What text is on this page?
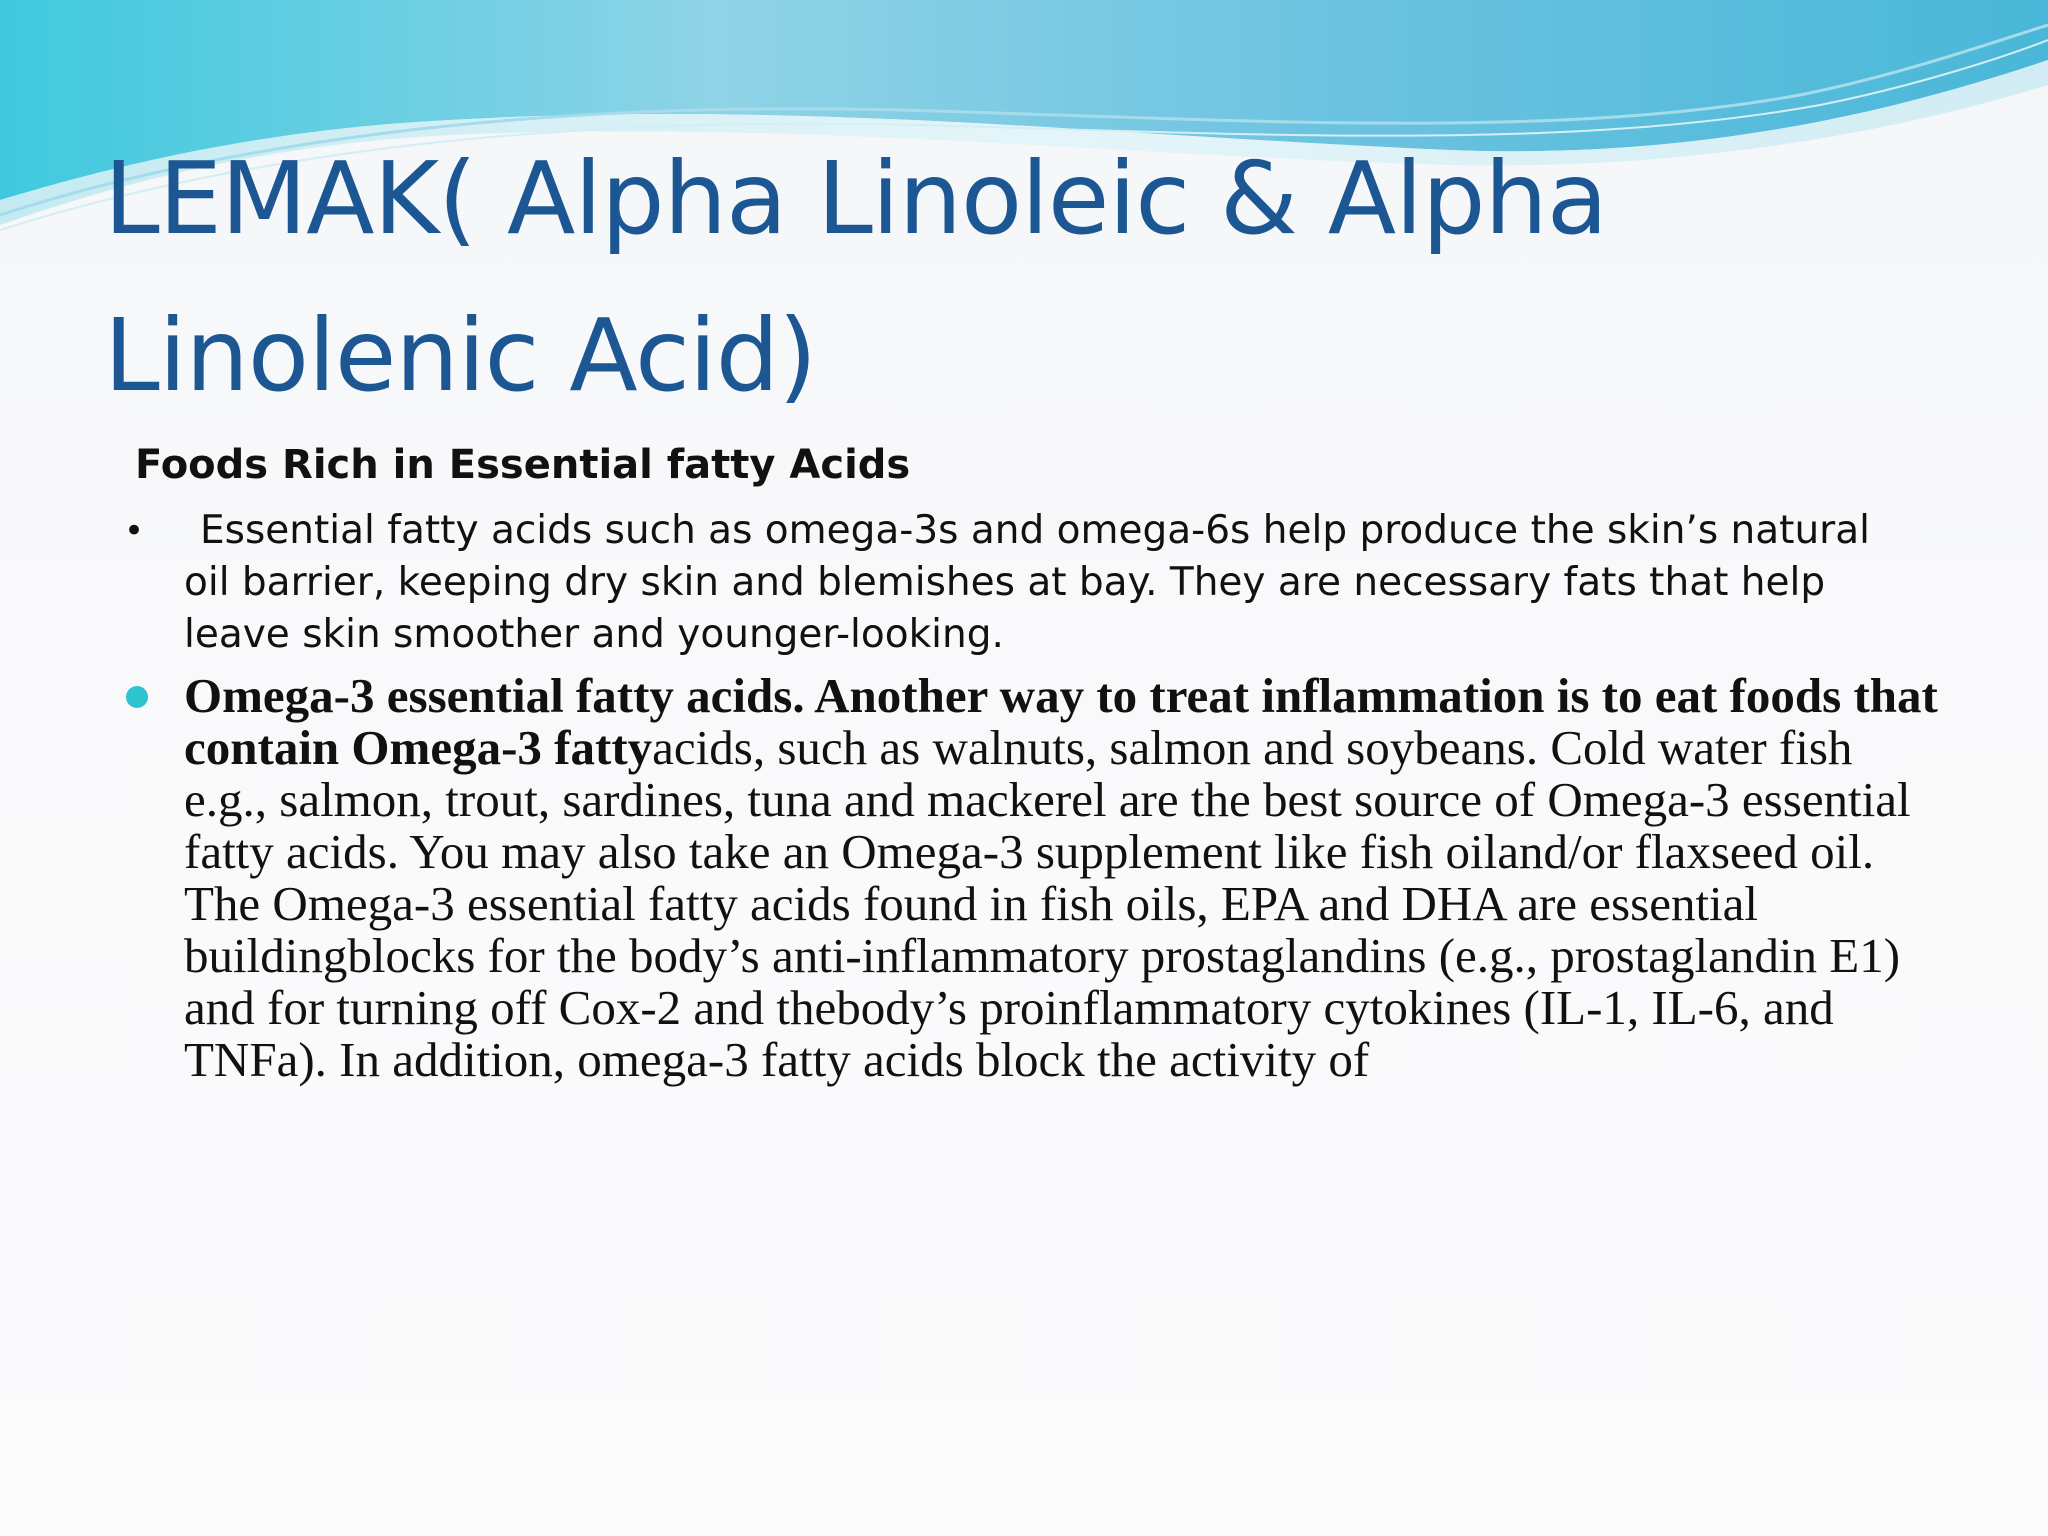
LEMAK( Alpha Linoleic & Alpha Linolenic Acid)
Foods Rich in Essential fatty Acids
•	Essential fatty acids such as omega-3s and omega-6s help produce the skin’s natural oil barrier, keeping dry skin and blemishes at bay. They are necessary fats that help leave skin smoother and younger-looking.
Omega-3 essential fatty acids. Another way to treat inflammation is to eat foods that contain Omega-3 fattyacids, such as walnuts, salmon and soybeans. Cold water fish e.g., salmon, trout, sardines, tuna and mackerel are the best source of Omega-3 essential fatty acids. You may also take an Omega-3 supplement like fish oiland/or flaxseed oil. The Omega-3 essential fatty acids found in fish oils, EPA and DHA are essential buildingblocks for the body’s anti-inflammatory prostaglandins (e.g., prostaglandin E1) and for turning off Cox-2 and thebody’s proinflammatory cytokines (IL-1, IL-6, and TNFa). In addition, omega-3 fatty acids block the activity of
